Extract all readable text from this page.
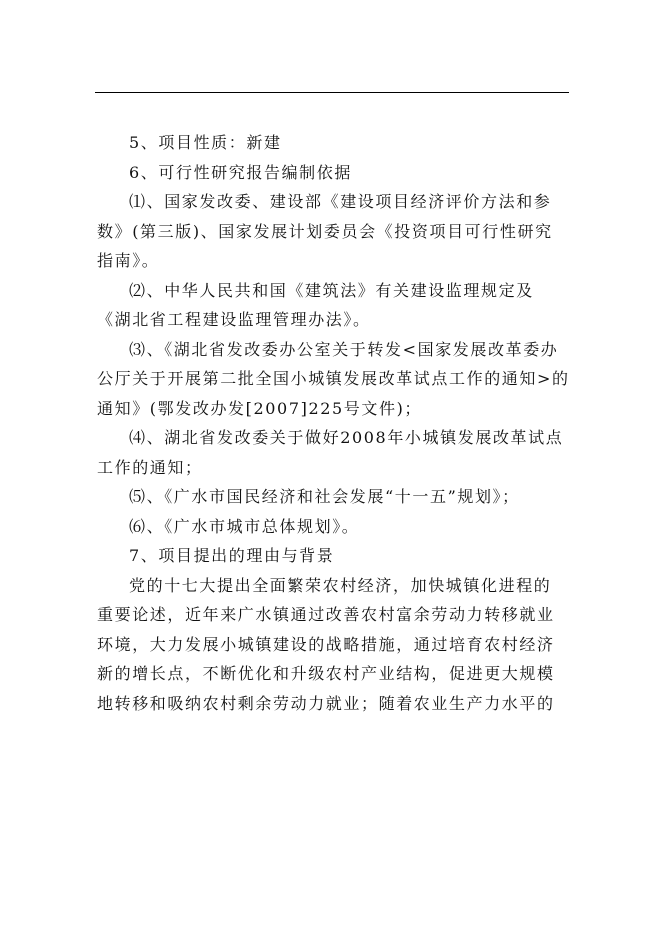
5、项目性质：新建

6、可行性研究报告编制依据

⑴、国家发改委、建设部《建设项目经济评价方法和参
数》(第三版)、国家发展计划委员会《投资项目可行性研究
指南》。

⑵、中华人民共和国《建筑法》有关建设监理规定及
《湖北省工程建设监理管理办法》。

⑶、《湖北省发改委办公室关于转发<国家发展改革委办
公厅关于开展第二批全国小城镇发展改革试点工作的通知>的
通知》(鄂发改办发[2007]225号文件)；

⑷、湖北省发改委关于做好2008年小城镇发展改革试点
工作的通知；

⑸、《广水市国民经济和社会发展“十一五”规划》；

⑹、《广水市城市总体规划》。

7、项目提出的理由与背景

党的十七大提出全面繁荣农村经济，加快城镇化进程的
重要论述，近年来广水镇通过改善农村富余劳动力转移就业
环境，大力发展小城镇建设的战略措施，通过培育农村经济
新的增长点，不断优化和升级农村产业结构，促进更大规模
地转移和吸纳农村剩余劳动力就业；随着农业生产力水平的
